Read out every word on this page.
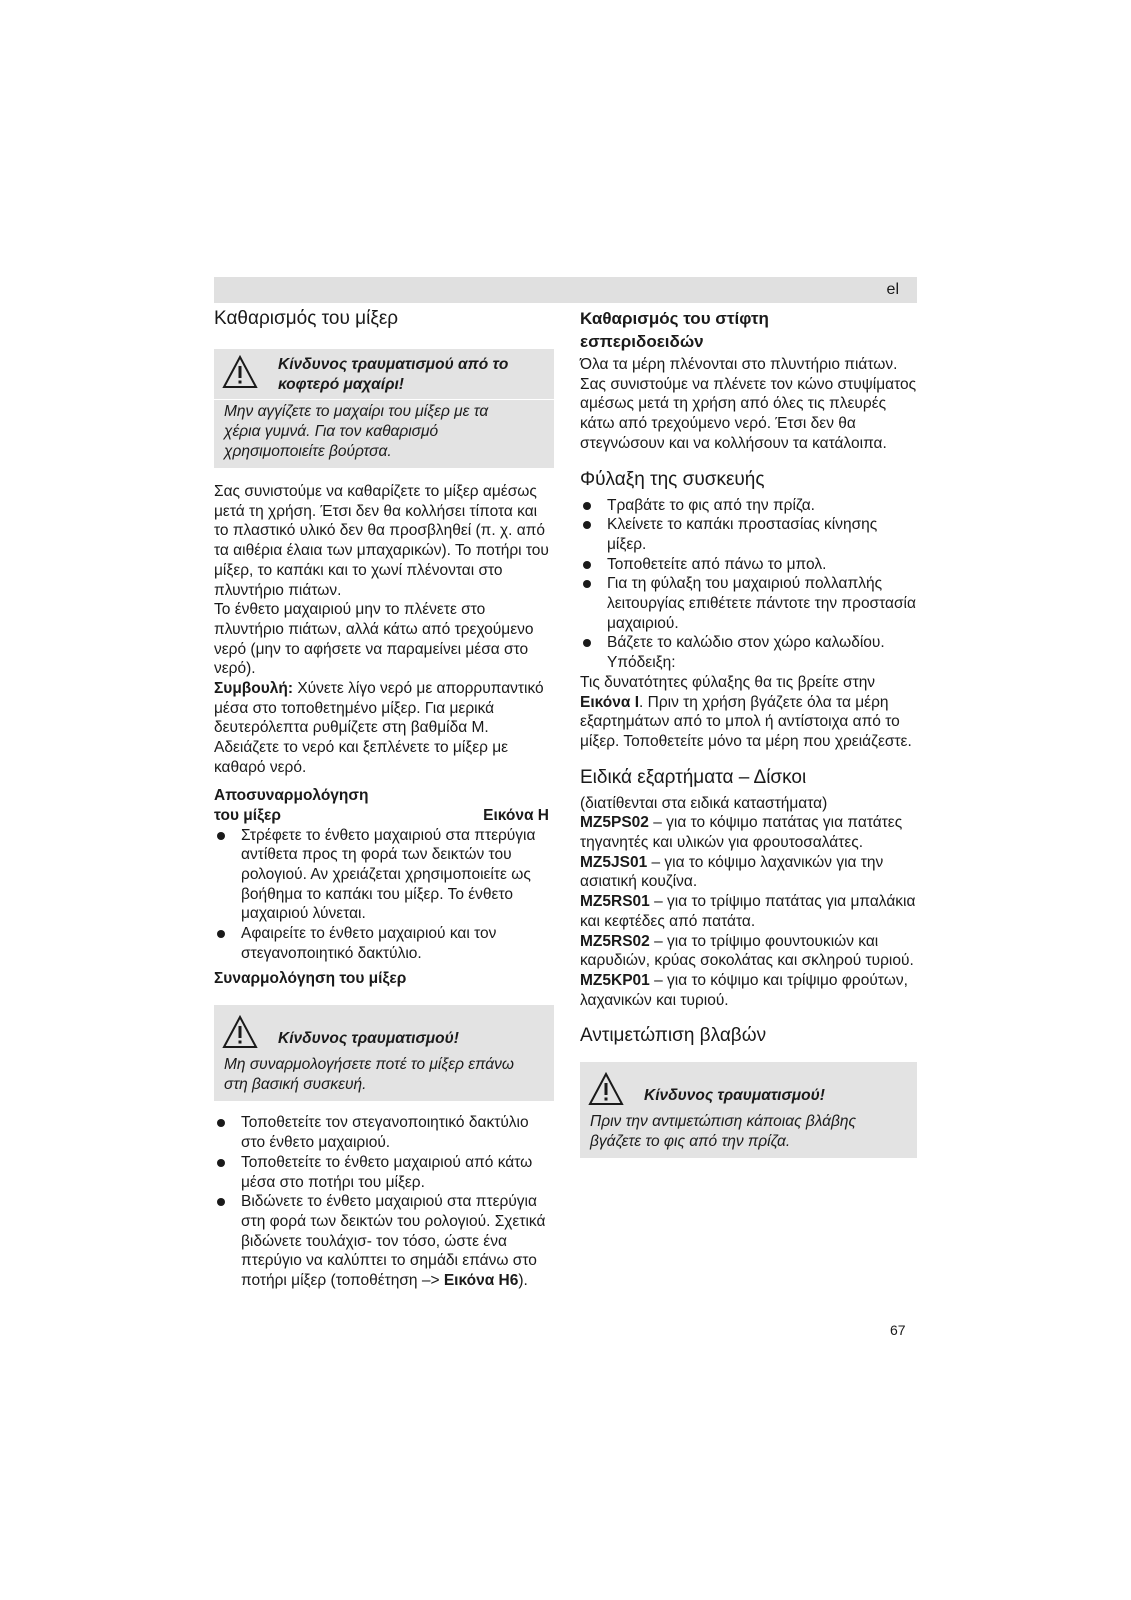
el
Καθαρισμός του μίξερ
Κίνδυνος τραυματισμού από το κοφτερό μαχαίρι!
Μην αγγίζετε το μαχαίρι του μίξερ με τα χέρια γυμνά. Για τον καθαρισμό χρησιμοποιείτε βούρτσα.

Σας συνιστούμε να καθαρίζετε το μίξερ αμέσως μετά τη χρήση. Έτσι δεν θα κολλήσει τίποτα και το πλαστικό υλικό δεν θα προσβληθεί (π. χ. από τα αιθέρια έλαια των μπαχαρικών). Το ποτήρι του μίξερ, το καπάκι και το χωνί πλένονται στο πλυντήριο πιάτων.

Το ένθετο μαχαιριού μην το πλένετε στο πλυντήριο πιάτων, αλλά κάτω από τρεχούμενο νερό (μην το αφήσετε να παραμείνει μέσα στο νερό).

Συμβουλή: Χύνετε λίγο νερό με απορρυπαντικό μέσα στο τοποθετημένο μίξερ. Για μερικά δευτερόλεπτα ρυθμίζετε στη βαθμίδα M. Αδειάζετε το νερό και ξεπλένετε το μίξερ με καθαρό νερό.

Αποσυναρμολόγηση
του μίξερ	Εικόνα H
Στρέφετε το ένθετο μαχαιριού στα πτερύγια αντίθετα προς τη φορά των δεικτών του ρολογιού. Αν χρειάζεται χρησιμοποιείτε ως βοήθημα το καπάκι του μίξερ. Το ένθετο μαχαιριού λύνεται.
Αφαιρείτε το ένθετο μαχαιριού και τον στεγανοποιητικό δακτύλιο.
Συναρμολόγηση του μίξερ
Κίνδυνος τραυματισμού!
Μη συναρμολογήσετε ποτέ το μίξερ επάνω στη βασική συσκευή.
Τοποθετείτε τον στεγανοποιητικό δακτύλιο στο ένθετο μαχαιριού.
Τοποθετείτε το ένθετο μαχαιριού από κάτω μέσα στο ποτήρι του μίξερ.
Βιδώνετε το ένθετο μαχαιριού στα πτερύγια στη φορά των δεικτών του ρολογιού. Σχετικά βιδώνετε τουλάχισ- τον τόσο, ώστε ένα πτερύγιο να καλύπτει το σημάδι επάνω στο ποτήρι μίξερ (τοποθέτηση –> Εικόνα H6).
Καθαρισμός του στίφτη εσπεριδοειδών

Όλα τα μέρη πλένονται στο πλυντήριο πιάτων. Σας συνιστούμε να πλένετε τον κώνο στυψίματος αμέσως μετά τη χρήση από όλες τις πλευρές κάτω από τρεχούμενο νερό. Έτσι δεν θα στεγνώσουν και να κολλήσουν τα κατάλοιπα.

Φύλαξη της συσκευής
Τραβάτε το φις από την πρίζα.
Κλείνετε το καπάκι προστασίας κίνησης μίξερ.
Τοποθετείτε από πάνω το μπολ.
Για τη φύλαξη του μαχαιριού πολλαπλής λειτουργίας επιθέτετε πάντοτε την προστασία μαχαιριού.
Βάζετε το καλώδιο στον χώρο καλωδίου. Υπόδειξη:

Τις δυνατότητες φύλαξης θα τις βρείτε στην Εικόνα I. Πριν τη χρήση βγάζετε όλα τα μέρη εξαρτημάτων από το μπολ ή αντίστοιχα από το μίξερ. Τοποθετείτε μόνο τα μέρη που χρειάζεστε.

Ειδικά εξαρτήματα – Δίσκοι

(διατίθενται στα ειδικά καταστήματα)

MZ5PS02 – για το κόψιμο πατάτας για πατάτες τηγανητές και υλικών για φρουτοσαλάτες.

MZ5JS01 – για το κόψιμο λαχανικών για την ασιατική κουζίνα.

MZ5RS01 – για το τρίψιμο πατάτας για μπαλάκια και κεφτέδες από πατάτα.

MZ5RS02 – για το τρίψιμο φουντουκιών και καρυδιών, κρύας σοκολάτας και σκληρού τυριού.

MZ5KP01 – για το κόψιμο και τρίψιμο φρούτων, λαχανικών και τυριού.

Αντιμετώπιση βλαβών
Κίνδυνος τραυματισμού!
Πριν την αντιμετώπιση κάποιας βλάβης βγάζετε το φις από την πρίζα.
67
